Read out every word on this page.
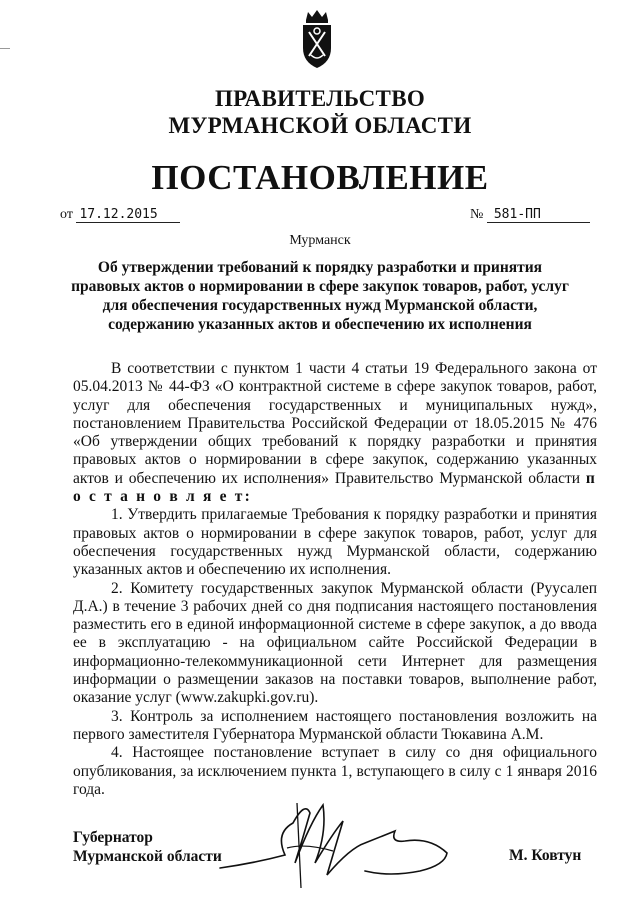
ПРАВИТЕЛЬСТВО
МУРМАНСКОЙ ОБЛАСТИ
ПОСТАНОВЛЕНИЕ
от 17.12.2015	№ 581-ПП
Мурманск
Об утверждении требований к порядку разработки и принятия правовых актов о нормировании в сфере закупок товаров, работ, услуг для обеспечения государственных нужд Мурманской области, содержанию указанных актов и обеспечению их исполнения

В соответствии с пунктом 1 части 4 статьи 19 Федерального закона от 05.04.2013 № 44-ФЗ «О контрактной системе в сфере закупок товаров, работ, услуг для обеспечения государственных и муниципальных нужд», постановлением Правительства Российской Федерации от 18.05.2015 № 476 «Об утверждении общих требований к порядку разработки и принятия правовых актов о нормировании в сфере закупок, содержанию указанных актов и обеспечению их исполнения» Правительство Мурманской области п о с т а н о в л я е т:

1. Утвердить прилагаемые Требования к порядку разработки и принятия правовых актов о нормировании в сфере закупок товаров, работ, услуг для обеспечения государственных нужд Мурманской области, содержанию указанных актов и обеспечению их исполнения.

2. Комитету государственных закупок Мурманской области (Руусалеп Д.А.) в течение 3 рабочих дней со дня подписания настоящего постановления разместить его в единой информационной системе в сфере закупок, а до ввода ее в эксплуатацию - на официальном сайте Российской Федерации в информационно-телекоммуникационной сети Интернет для размещения информации о размещении заказов на поставки товаров, выполнение работ, оказание услуг (www.zakupki.gov.ru).

3. Контроль за исполнением настоящего постановления возложить на первого заместителя Губернатора Мурманской области Тюкавина А.М.

4. Настоящее постановление вступает в силу со дня официального опубликования, за исключением пункта 1, вступающего в силу с 1 января 2016 года.

Губернатор
Мурманской области	М. Ковтун
